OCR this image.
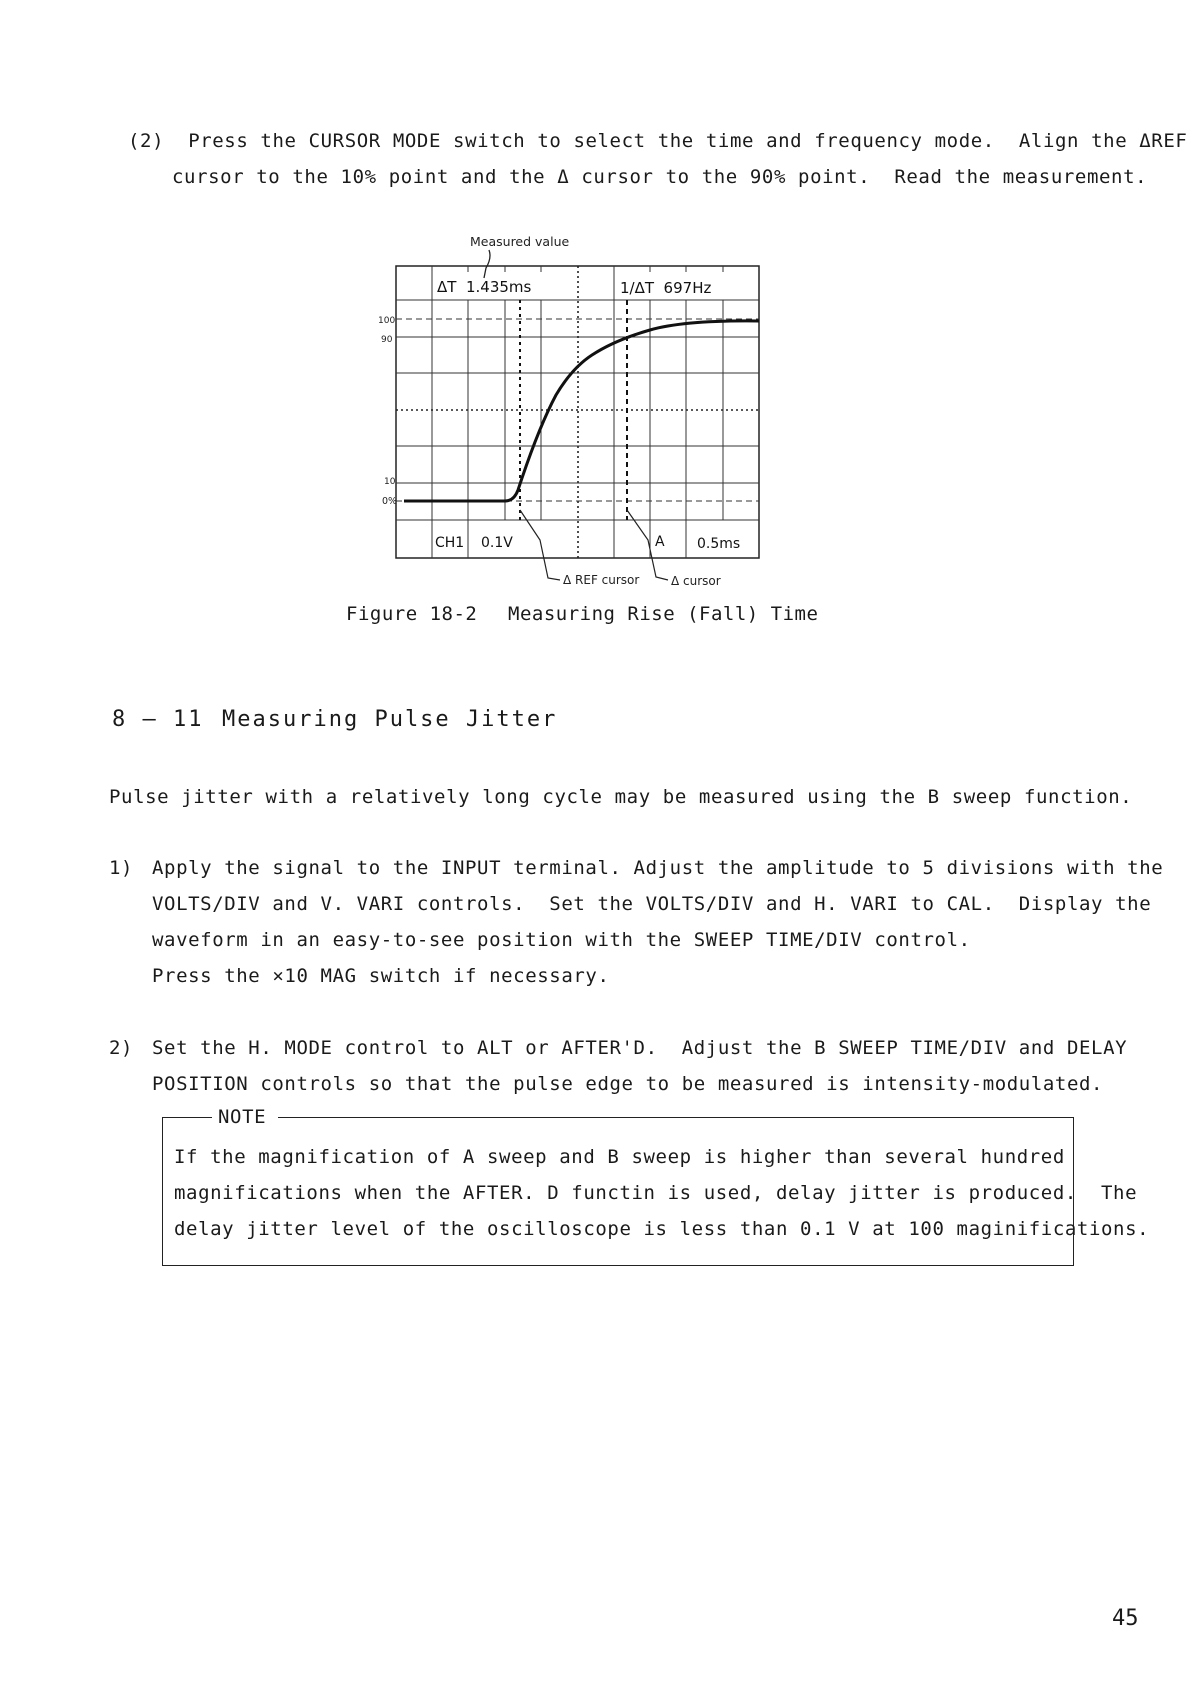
(2)  Press the CURSOR MODE switch to select the time and frequency mode.  Align the ΔREF
cursor to the 10% point and the Δ cursor to the 90% point.  Read the measurement.
Measured value
100
90
10
0%
ΔT  1.435ms	1/ΔT  697Hz
CH1 0.1V	A 0.5ms
Δ REF cursor	Δ cursor
Figure 18-2 Measuring Rise (Fall) Time
8 — 11 Measuring Pulse Jitter
Pulse jitter with a relatively long cycle may be measured using the B sweep function.
1) Apply the signal to the INPUT terminal. Adjust the amplitude to 5 divisions with the
VOLTS/DIV and V. VARI controls.  Set the VOLTS/DIV and H. VARI to CAL.  Display the
waveform in an easy-to-see position with the SWEEP TIME/DIV control.
Press the ×10 MAG switch if necessary.
2) Set the H. MODE control to ALT or AFTER'D.  Adjust the B SWEEP TIME/DIV and DELAY
POSITION controls so that the pulse edge to be measured is intensity-modulated.
NOTE
If the magnification of A sweep and B sweep is higher than several hundred
magnifications when the AFTER. D functin is used, delay jitter is produced.  The
delay jitter level of the oscilloscope is less than 0.1 V at 100 maginifications.
45
